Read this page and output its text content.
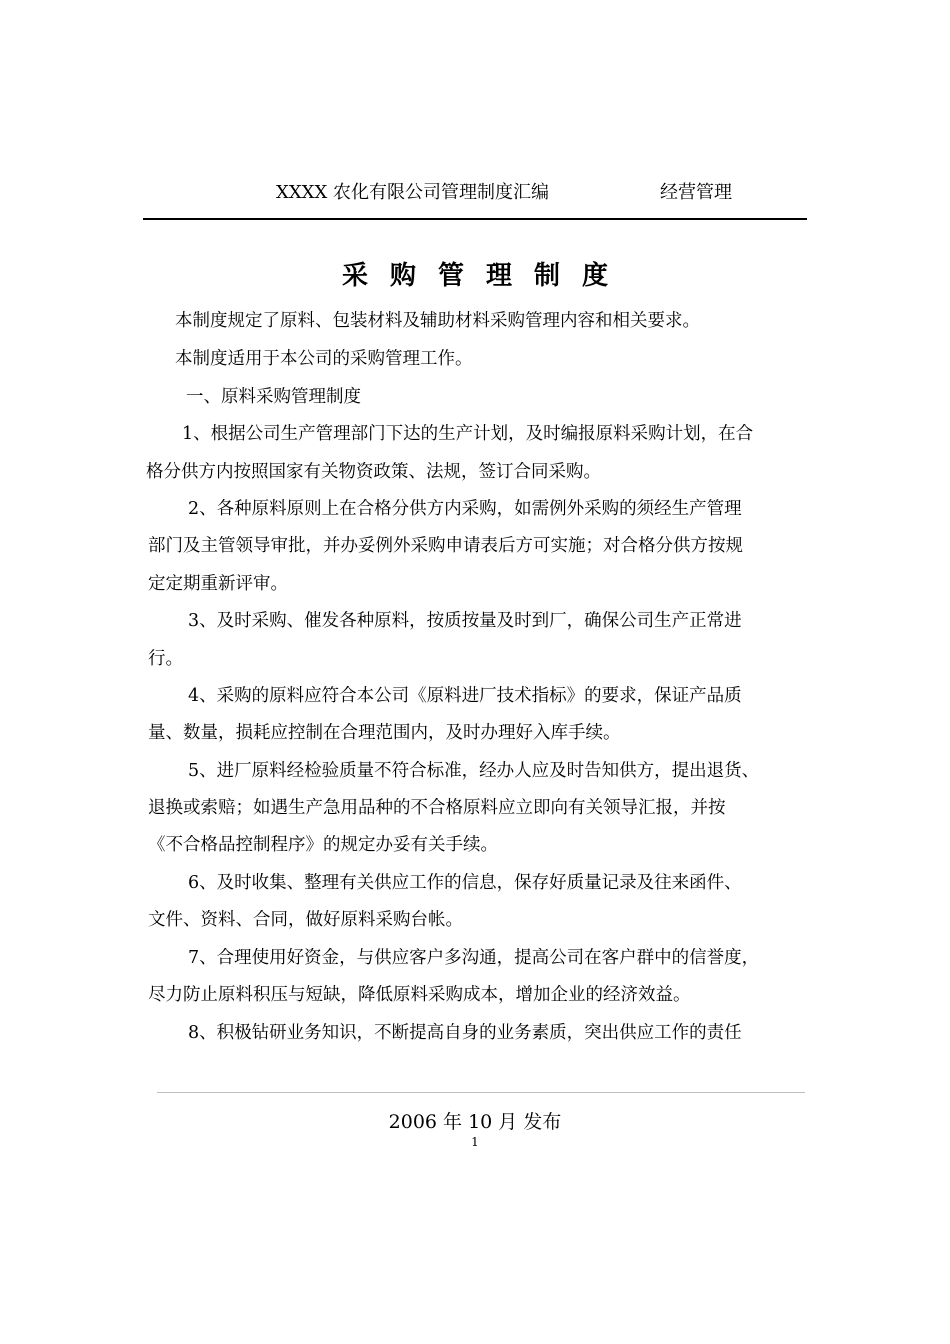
XXXX 农化有限公司管理制度汇编	经营管理
采购管理制度
本制度规定了原料、包装材料及辅助材料采购管理内容和相关要求。
本制度适用于本公司的采购管理工作。
一、原料采购管理制度
1、根据公司生产管理部门下达的生产计划，及时编报原料采购计划，在合
格分供方内按照国家有关物资政策、法规，签订合同采购。
2、各种原料原则上在合格分供方内采购，如需例外采购的须经生产管理
部门及主管领导审批，并办妥例外采购申请表后方可实施；对合格分供方按规
定定期重新评审。
3、及时采购、催发各种原料，按质按量及时到厂，确保公司生产正常进
行。
4、采购的原料应符合本公司《原料进厂技术指标》的要求，保证产品质
量、数量，损耗应控制在合理范围内，及时办理好入库手续。
5、进厂原料经检验质量不符合标准，经办人应及时告知供方，提出退货、
退换或索赔；如遇生产急用品种的不合格原料应立即向有关领导汇报，并按
《不合格品控制程序》的规定办妥有关手续。
6、及时收集、整理有关供应工作的信息，保存好质量记录及往来函件、
文件、资料、合同，做好原料采购台帐。
7、合理使用好资金，与供应客户多沟通，提高公司在客户群中的信誉度，
尽力防止原料积压与短缺，降低原料采购成本，增加企业的经济效益。
8、积极钻研业务知识，不断提高自身的业务素质，突出供应工作的责任
2006 年 10 月 发布
1
